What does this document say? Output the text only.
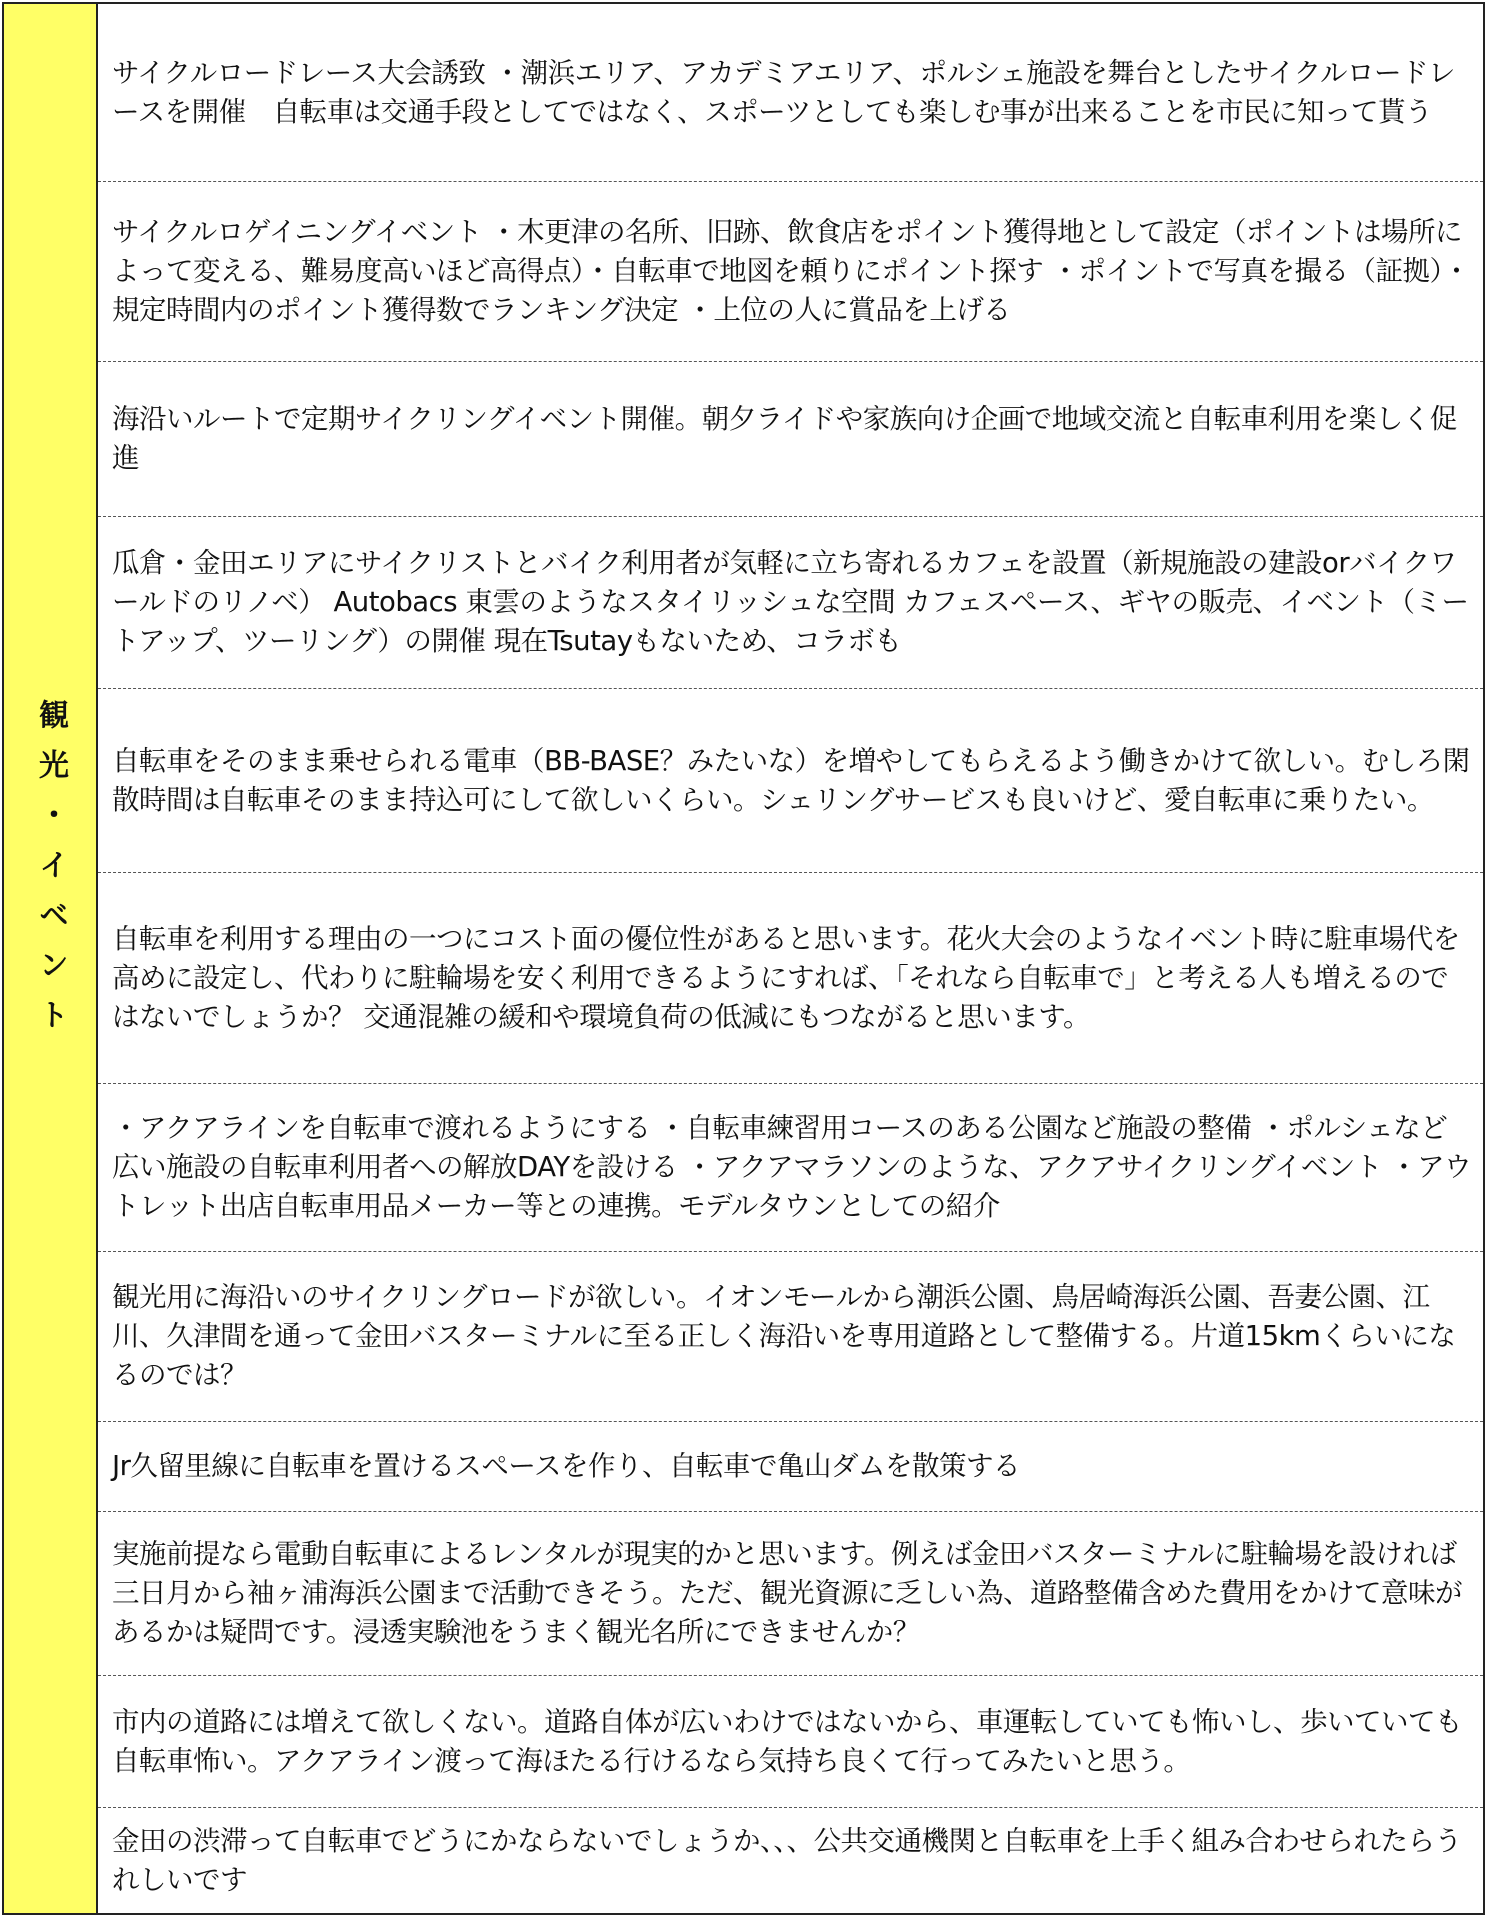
観光・イベント
サイクルロードレース大会誘致 ・潮浜エリア、アカデミアエリア、ポルシェ施設を舞台としたサイクルロードレースを開催　自転車は交通手段としてではなく、スポーツとしても楽しむ事が出来ることを市民に知って貰う
サイクルロゲイニングイベント ・木更津の名所、旧跡、飲食店をポイント獲得地として設定（ポイントは場所によって変える、難易度高いほど高得点）・自転車で地図を頼りにポイント探す ・ポイントで写真を撮る（証拠）・規定時間内のポイント獲得数でランキング決定 ・上位の人に賞品を上げる
海沿いルートで定期サイクリングイベント開催。朝夕ライドや家族向け企画で地域交流と自転車利用を楽しく促進
瓜倉・金田エリアにサイクリストとバイク利用者が気軽に立ち寄れるカフェを設置（新規施設の建設orバイクワールドのリノベ） Autobacs 東雲のようなスタイリッシュな空間 カフェスペース、ギヤの販売、イベント（ミートアップ、ツーリング）の開催 現在Tsutayもないため、コラボも
自転車をそのまま乗せられる電車（BB-BASE？みたいな）を増やしてもらえるよう働きかけて欲しい。むしろ閑散時間は自転車そのまま持込可にして欲しいくらい。シェリングサービスも良いけど、愛自転車に乗りたい。
自転車を利用する理由の一つにコスト面の優位性があると思います。花火大会のようなイベント時に駐車場代を高めに設定し、代わりに駐輪場を安く利用できるようにすれば、「それなら自転車で」と考える人も増えるのではないでしょうか？ 交通混雑の緩和や環境負荷の低減にもつながると思います。
・アクアラインを自転車で渡れるようにする ・自転車練習用コースのある公園など施設の整備 ・ポルシェなど広い施設の自転車利用者への解放DAYを設ける ・アクアマラソンのような、アクアサイクリングイベント ・アウトレット出店自転車用品メーカー等との連携。モデルタウンとしての紹介
観光用に海沿いのサイクリングロードが欲しい。イオンモールから潮浜公園、鳥居崎海浜公園、吾妻公園、江川、久津間を通って金田バスターミナルに至る正しく海沿いを専用道路として整備する。片道15kmくらいになるのでは？
Jr久留里線に自転車を置けるスペースを作り、自転車で亀山ダムを散策する
実施前提なら電動自転車によるレンタルが現実的かと思います。例えば金田バスターミナルに駐輪場を設ければ三日月から袖ヶ浦海浜公園まで活動できそう。ただ、観光資源に乏しい為、道路整備含めた費用をかけて意味があるかは疑問です。浸透実験池をうまく観光名所にできませんか？
市内の道路には増えて欲しくない。道路自体が広いわけではないから、車運転していても怖いし、歩いていても自転車怖い。アクアライン渡って海ほたる行けるなら気持ち良くて行ってみたいと思う。
金田の渋滞って自転車でどうにかならないでしょうか、、、公共交通機関と自転車を上手く組み合わせられたらうれしいです
